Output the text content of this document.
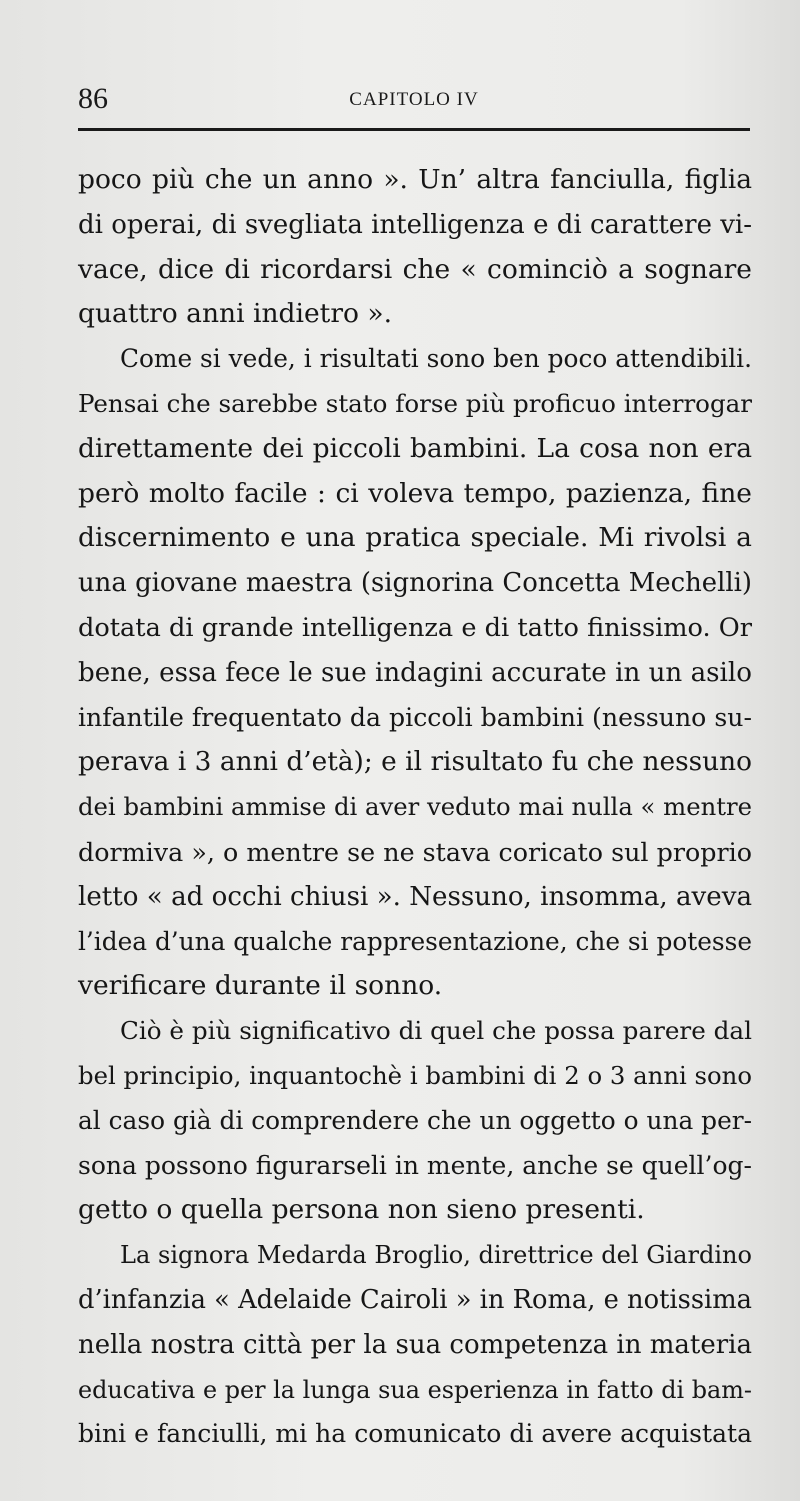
86	CAPITOLO IV
poco più che un anno ». Un’ altra fanciulla, figlia
di operai, di svegliata intelligenza e di carattere vi-
vace, dice di ricordarsi che « cominciò a sognare
quattro anni indietro ».
Come si vede, i risultati sono ben poco attendibili.
Pensai che sarebbe stato forse più proficuo interrogar
direttamente dei piccoli bambini. La cosa non era
però molto facile : ci voleva tempo, pazienza, fine
discernimento e una pratica speciale. Mi rivolsi a
una giovane maestra (signorina Concetta Mechelli)
dotata di grande intelligenza e di tatto finissimo. Or
bene, essa fece le sue indagini accurate in un asilo
infantile frequentato da piccoli bambini (nessuno su-
perava i 3 anni d’età); e il risultato fu che nessuno
dei bambini ammise di aver veduto mai nulla « mentre
dormiva », o mentre se ne stava coricato sul proprio
letto « ad occhi chiusi ». Nessuno, insomma, aveva
l’idea d’una qualche rappresentazione, che si potesse
verificare durante il sonno.
Ciò è più significativo di quel che possa parere dal
bel principio, inquantochè i bambini di 2 o 3 anni sono
al caso già di comprendere che un oggetto o una per-
sona possono figurarseli in mente, anche se quell’og-
getto o quella persona non sieno presenti.
La signora Medarda Broglio, direttrice del Giardino
d’infanzia « Adelaide Cairoli » in Roma, e notissima
nella nostra città per la sua competenza in materia
educativa e per la lunga sua esperienza in fatto di bam-
bini e fanciulli, mi ha comunicato di avere acquistata
